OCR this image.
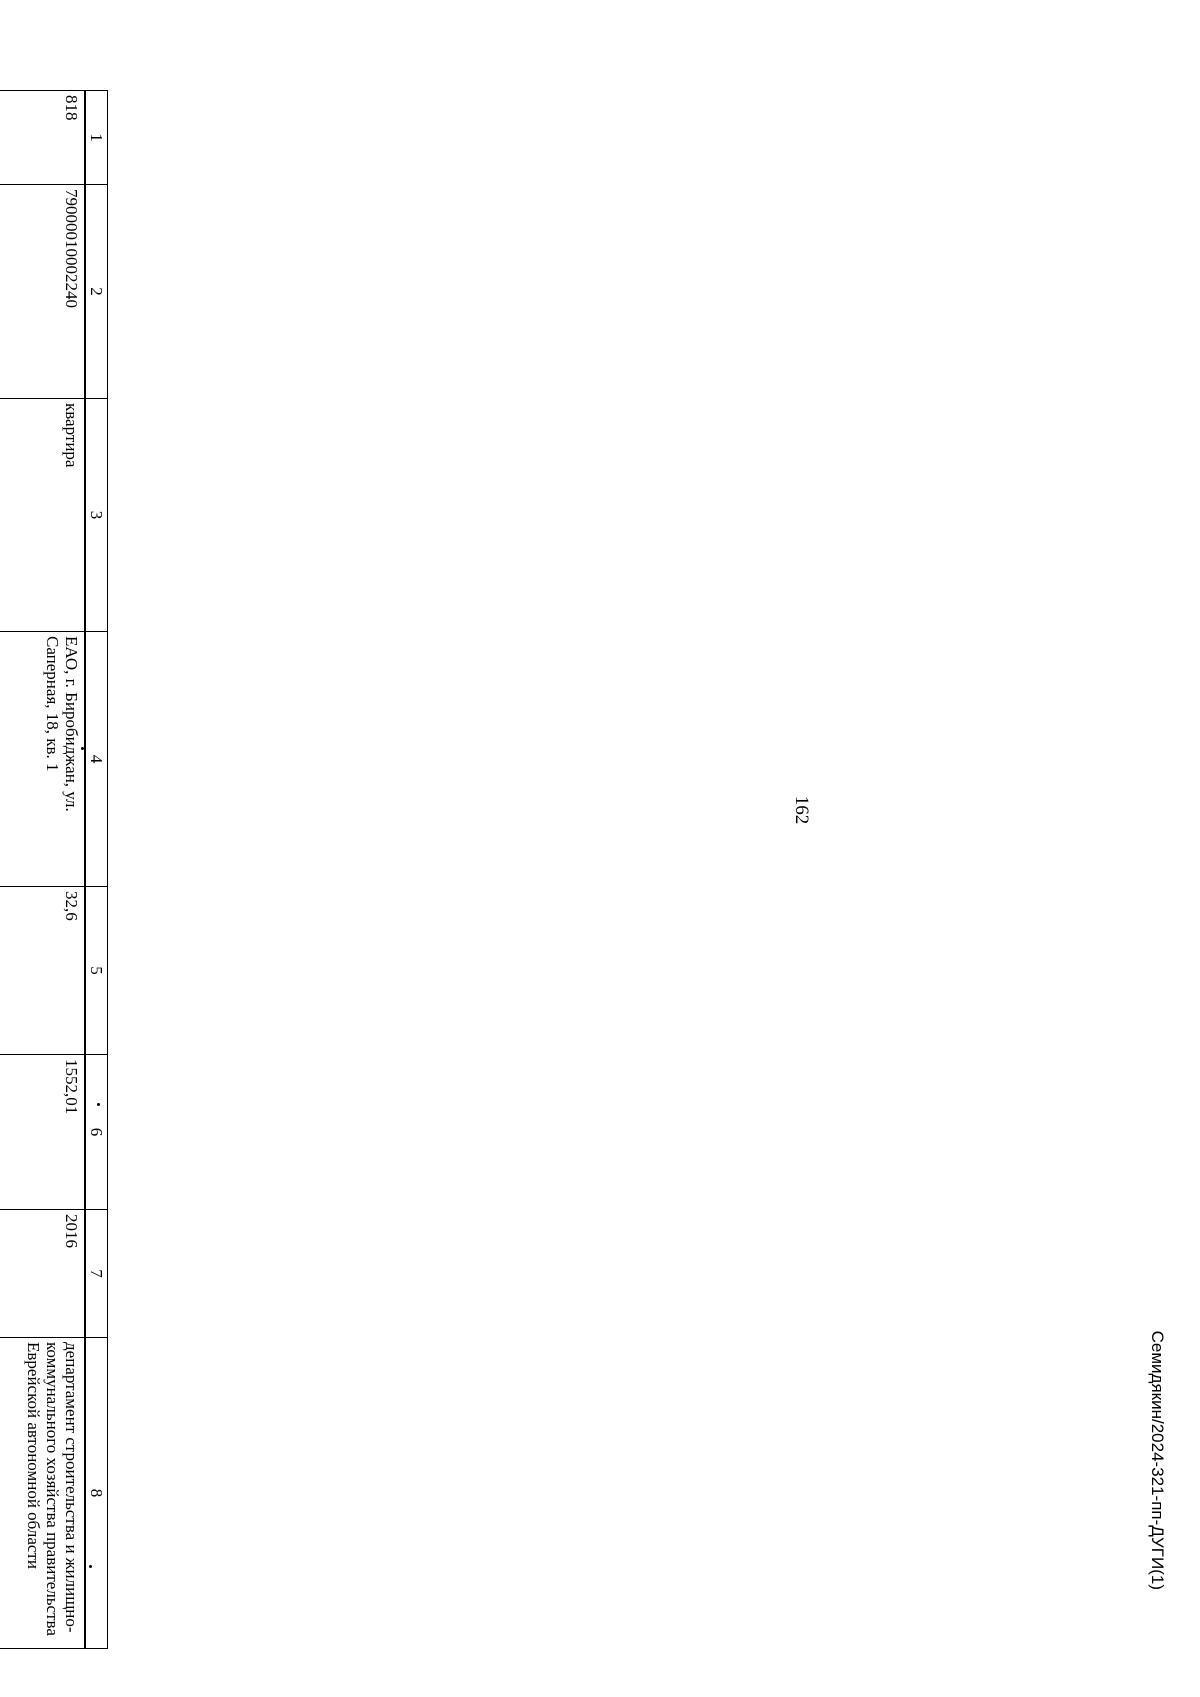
162
Семидякин/2024-321-пп-ДУГИ(1)
1	2	3	4	5	6	7	8
818	79000010002240	квартира	ЕАО, г. Биробиджан, ул. Саперная, 18, кв. 1	32,6	1552,01	2016	департамент строительства и жилищно-коммунального хозяйства правительства Еврейской автономной области
